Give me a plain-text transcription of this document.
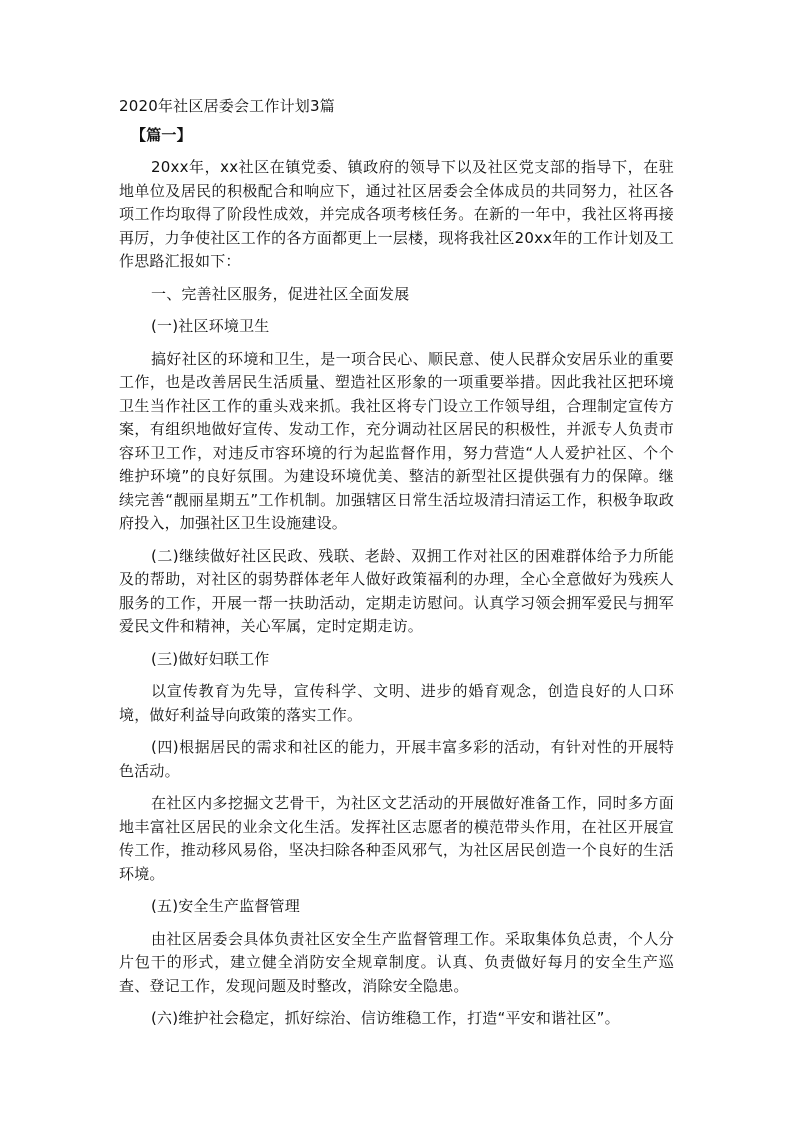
2020年社区居委会工作计划3篇
【篇一】

20xx年，xx社区在镇党委、镇政府的领导下以及社区党支部的指导下，在驻地单位及居民的积极配合和响应下，通过社区居委会全体成员的共同努力，社区各项工作均取得了阶段性成效，并完成各项考核任务。在新的一年中，我社区将再接再厉，力争使社区工作的各方面都更上一层楼，现将我社区20xx年的工作计划及工作思路汇报如下：

一、完善社区服务，促进社区全面发展

(一)社区环境卫生

搞好社区的环境和卫生，是一项合民心、顺民意、使人民群众安居乐业的重要工作，也是改善居民生活质量、塑造社区形象的一项重要举措。因此我社区把环境卫生当作社区工作的重头戏来抓。我社区将专门设立工作领导组，合理制定宣传方案，有组织地做好宣传、发动工作，充分调动社区居民的积极性，并派专人负责市容环卫工作，对违反市容环境的行为起监督作用，努力营造“人人爱护社区、个个维护环境”的良好氛围。为建设环境优美、整洁的新型社区提供强有力的保障。继续完善“靓丽星期五”工作机制。加强辖区日常生活垃圾清扫清运工作，积极争取政府投入，加强社区卫生设施建设。

(二)继续做好社区民政、残联、老龄、双拥工作对社区的困难群体给予力所能及的帮助，对社区的弱势群体老年人做好政策福利的办理，全心全意做好为残疾人服务的工作，开展一帮一扶助活动，定期走访慰问。认真学习领会拥军爱民与拥军爱民文件和精神，关心军属，定时定期走访。

(三)做好妇联工作

以宣传教育为先导，宣传科学、文明、进步的婚育观念，创造良好的人口环境，做好利益导向政策的落实工作。

(四)根据居民的需求和社区的能力，开展丰富多彩的活动，有针对性的开展特色活动。

在社区内多挖掘文艺骨干，为社区文艺活动的开展做好准备工作，同时多方面地丰富社区居民的业余文化生活。发挥社区志愿者的模范带头作用，在社区开展宣传工作，推动移风易俗，坚决扫除各种歪风邪气，为社区居民创造一个良好的生活环境。

(五)安全生产监督管理

由社区居委会具体负责社区安全生产监督管理工作。采取集体负总责，个人分片包干的形式，建立健全消防安全规章制度。认真、负责做好每月的安全生产巡查、登记工作，发现问题及时整改，消除安全隐患。

(六)维护社会稳定，抓好综治、信访维稳工作，打造“平安和谐社区”。
